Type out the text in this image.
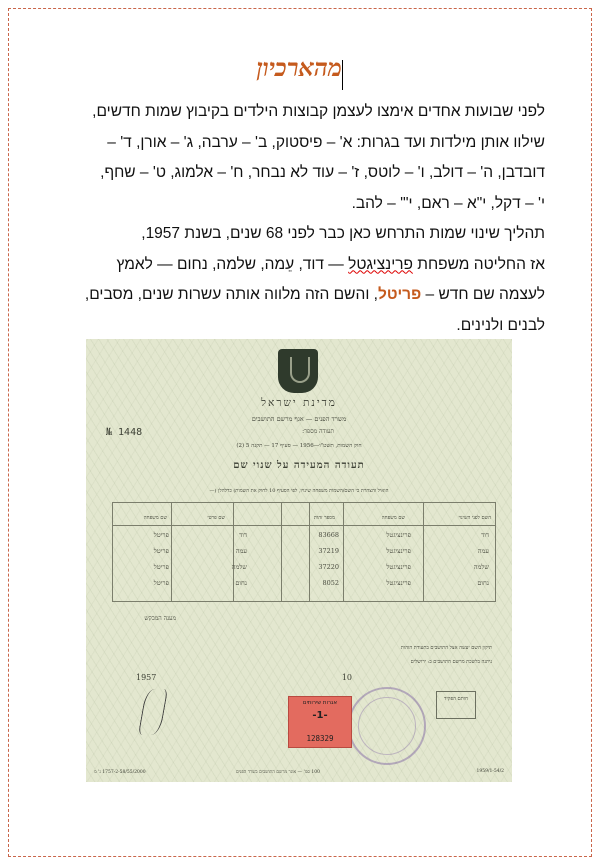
מהארכיון

לפני שבועות אחדים אימצו לעצמן קבוצות הילדים בקיבוץ שמות חדשים,

שילוו אותן מילדות ועד בגרות: א' – פיסטוק, ב' – ערבה, ג' – אורן, ד' –

דובדבן, ה' – דולב, ו' – לוטס, ז' – עוד לא נבחר, ח' – אלמוג, ט' – שחף,

י' – דקל, י"א – ראם, י"' – להב.

תהליך שינוי שמות התרחש כאן כבר לפני 68 שנים, בשנת 1957,

אז החליטה משפחת פרינציגטל — דוד, עֵמה, שלמה, נחום — לאמץ

לעצמה שם חדש – פריטל, והשם הזה מלווה אותה עשרות שנים, מסבים,

לבנים ולנינים.

מדינת ישראל
משרד הפנים — אגף מרשם התושבים
תעודה מספר:
№ 1448
חוק השמות, תשט"ו—1956 — סעיף 17 — תקנה 5 (2)
תעודה המעידה על שנוי שם
הואיל והצהרת כי השם/השמות משפחה שינויו, לפי הסעיף 10 לחוק את השמות) כדלהלן (—
השם לפני השינוי
שם משפחה
מספר זהות
שם פרטי
שם משפחה
דוד
פרינציגטל
83668
דוד
פריטל
עמה
פרינציגטל
37219
עמה
פריטל
שלמה
פרינציגטל
37220
שלמה
פריטל
נחום
פרינציגטל
8052
נחום
פריטל
מענה המבקש
תיקון השם יעשה אצל התושבים בתעודת הזהות
ניתנה בלשכת מרשם התושבים ב: ירושלים
10
1957
אגרות שירותים
-1-
128329
חותם הפקיד
1757-2-58/55/2000 ג' מ	100 סמ' — אוגר מרשם התושבים בשרד הפנים	1959/1-54/2
